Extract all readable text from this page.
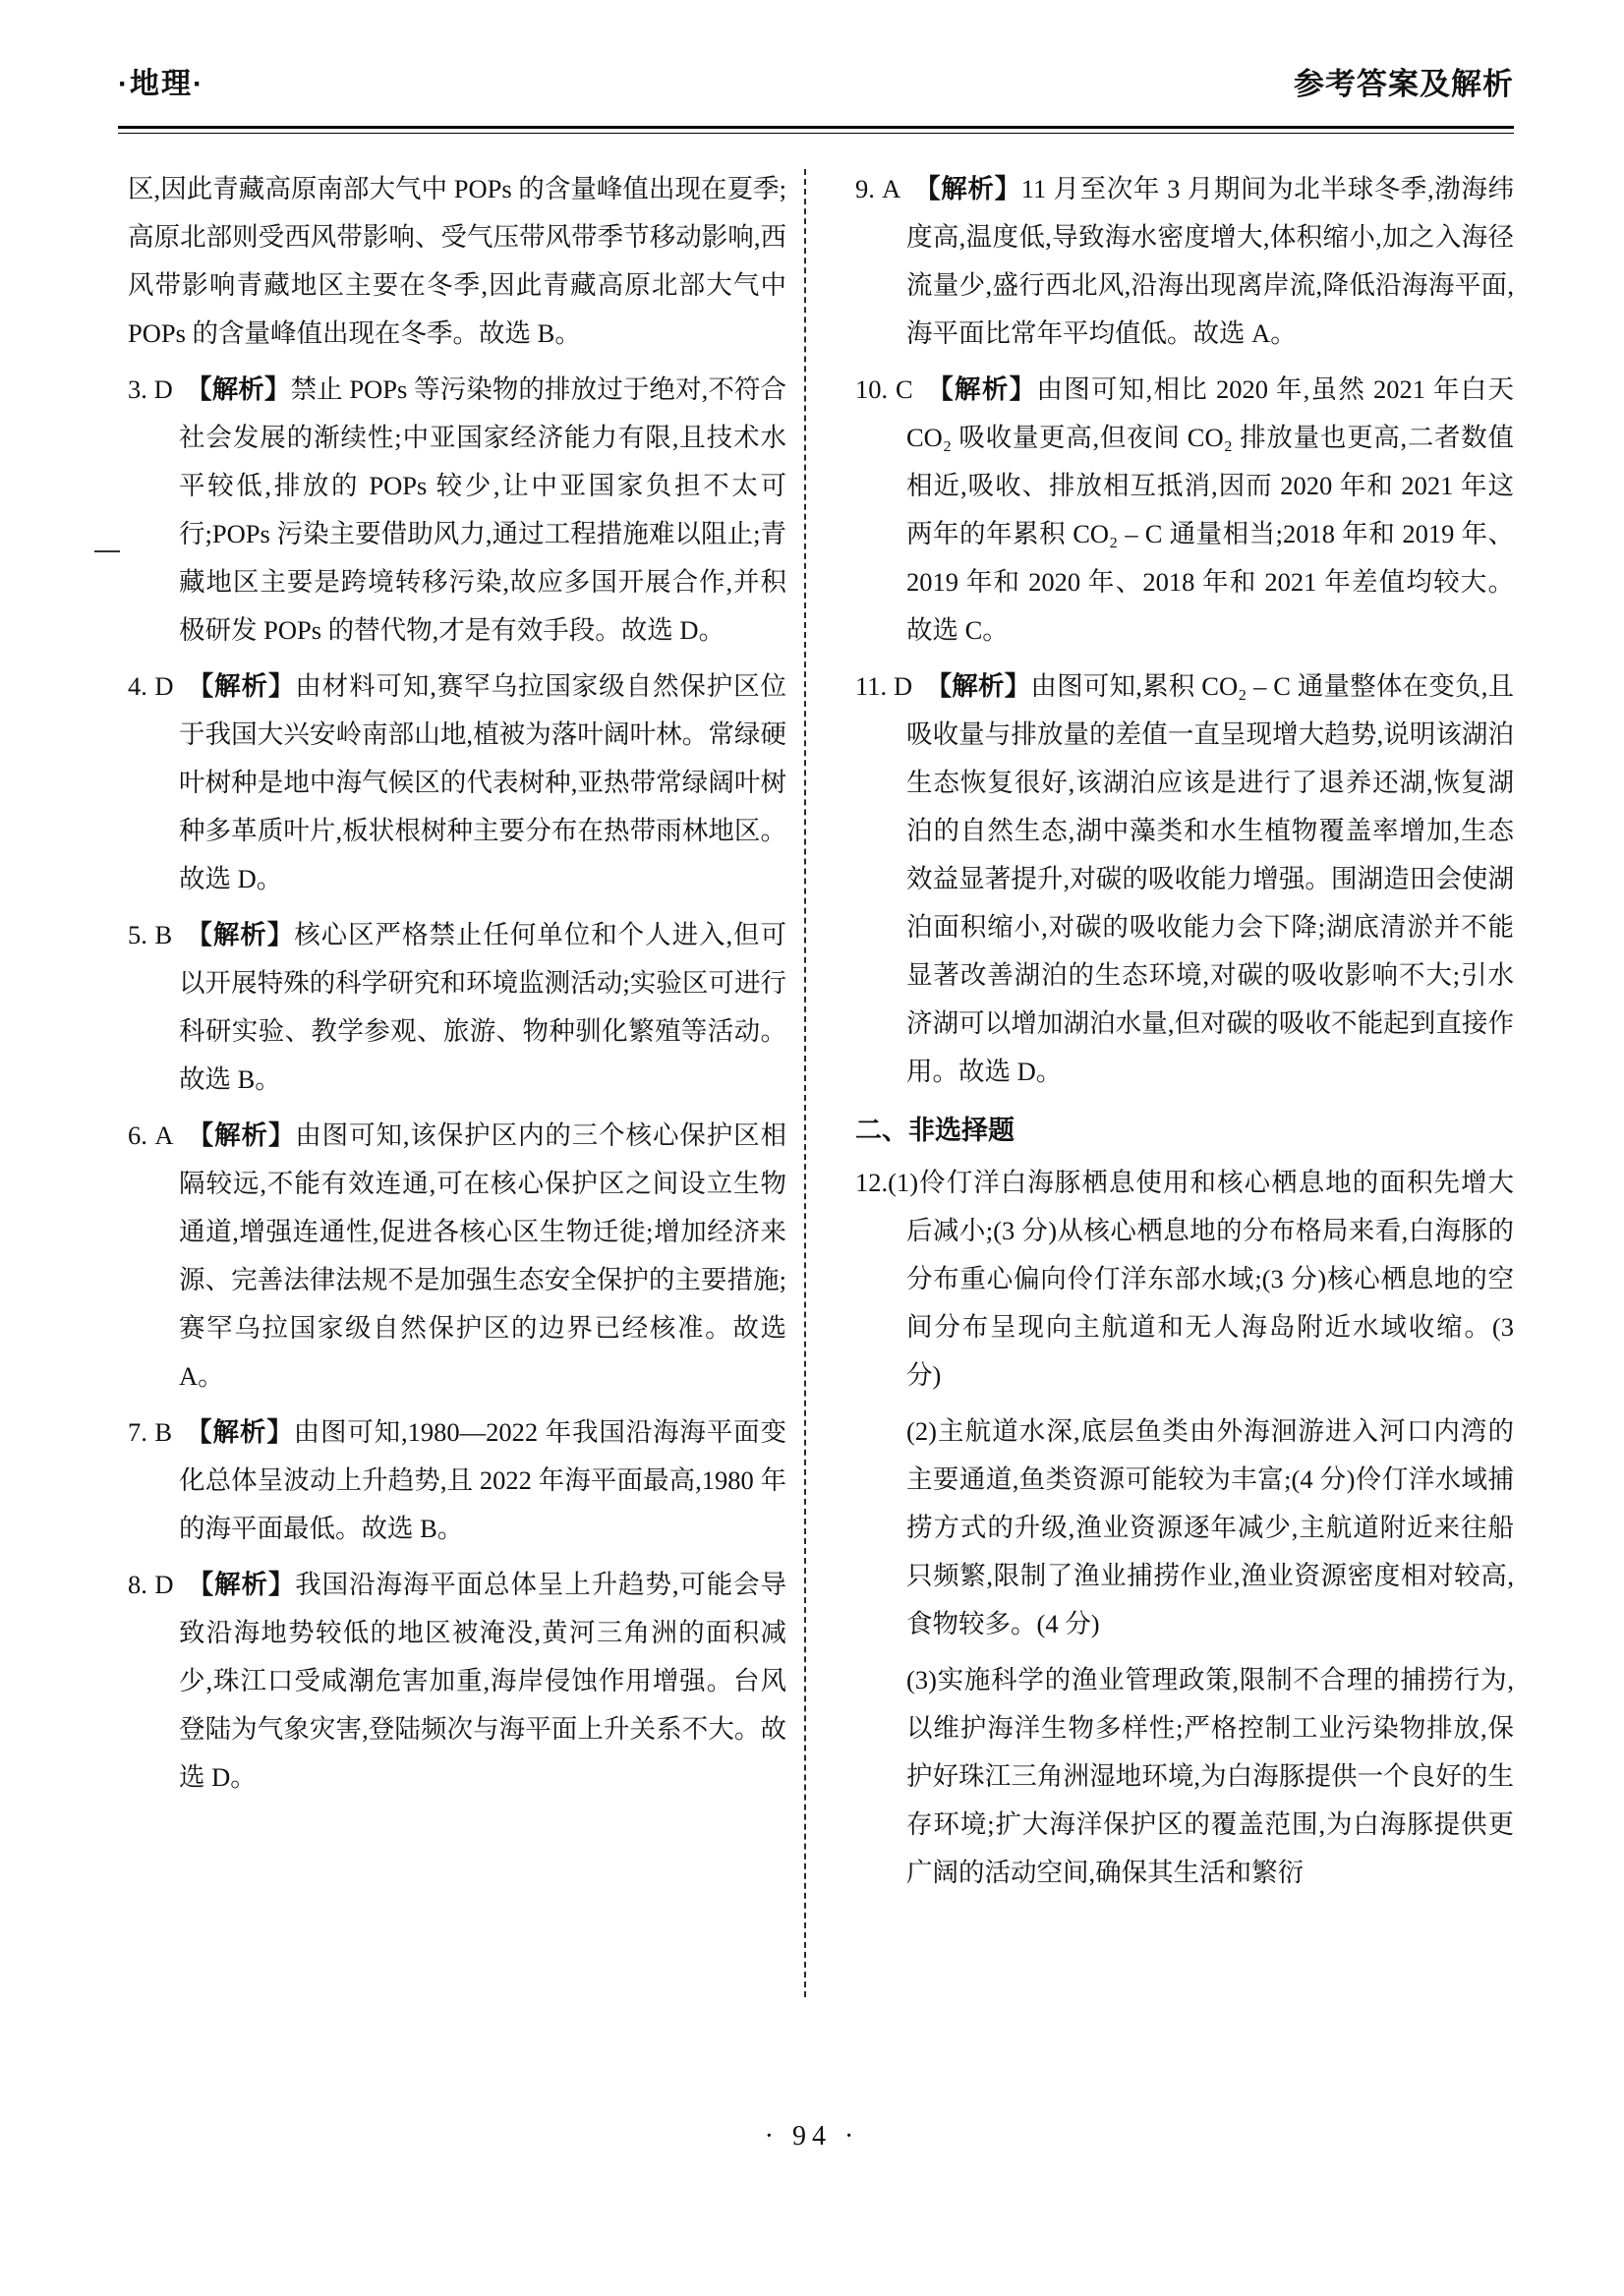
·地理·	参考答案及解析

区,因此青藏高原南部大气中 POPs 的含量峰值出现在夏季;高原北部则受西风带影响、受气压带风带季节移动影响,西风带影响青藏地区主要在冬季,因此青藏高原北部大气中 POPs 的含量峰值出现在冬季。故选 B。

3. D  【解析】禁止 POPs 等污染物的排放过于绝对,不符合社会发展的渐续性;中亚国家经济能力有限,且技术水平较低,排放的 POPs 较少,让中亚国家负担不太可行;POPs 污染主要借助风力,通过工程措施难以阻止;青藏地区主要是跨境转移污染,故应多国开展合作,并积极研发 POPs 的替代物,才是有效手段。故选 D。

4. D  【解析】由材料可知,赛罕乌拉国家级自然保护区位于我国大兴安岭南部山地,植被为落叶阔叶林。常绿硬叶树种是地中海气候区的代表树种,亚热带常绿阔叶树种多革质叶片,板状根树种主要分布在热带雨林地区。故选 D。

5. B  【解析】核心区严格禁止任何单位和个人进入,但可以开展特殊的科学研究和环境监测活动;实验区可进行科研实验、教学参观、旅游、物种驯化繁殖等活动。故选 B。

6. A  【解析】由图可知,该保护区内的三个核心保护区相隔较远,不能有效连通,可在核心保护区之间设立生物通道,增强连通性,促进各核心区生物迁徙;增加经济来源、完善法律法规不是加强生态安全保护的主要措施;赛罕乌拉国家级自然保护区的边界已经核准。故选 A。

7. B  【解析】由图可知,1980—2022 年我国沿海海平面变化总体呈波动上升趋势,且 2022 年海平面最高,1980 年的海平面最低。故选 B。

8. D  【解析】我国沿海海平面总体呈上升趋势,可能会导致沿海地势较低的地区被淹没,黄河三角洲的面积减少,珠江口受咸潮危害加重,海岸侵蚀作用增强。台风登陆为气象灾害,登陆频次与海平面上升关系不大。故选 D。

9. A  【解析】11 月至次年 3 月期间为北半球冬季,渤海纬度高,温度低,导致海水密度增大,体积缩小,加之入海径流量少,盛行西北风,沿海出现离岸流,降低沿海海平面,海平面比常年平均值低。故选 A。

10. C  【解析】由图可知,相比 2020 年,虽然 2021 年白天 CO₂ 吸收量更高,但夜间 CO₂ 排放量也更高,二者数值相近,吸收、排放相互抵消,因而 2020 年和 2021 年这两年的年累积 CO₂ – C 通量相当;2018 年和 2019 年、2019 年和 2020 年、2018 年和 2021 年差值均较大。故选 C。

11. D  【解析】由图可知,累积 CO₂ – C 通量整体在变负,且吸收量与排放量的差值一直呈现增大趋势,说明该湖泊生态恢复很好,该湖泊应该是进行了退养还湖,恢复湖泊的自然生态,湖中藻类和水生植物覆盖率增加,生态效益显著提升,对碳的吸收能力增强。围湖造田会使湖泊面积缩小,对碳的吸收能力会下降;湖底清淤并不能显著改善湖泊的生态环境,对碳的吸收影响不大;引水济湖可以增加湖泊水量,但对碳的吸收不能起到直接作用。故选 D。

二、非选择题

12.(1)伶仃洋白海豚栖息使用和核心栖息地的面积先增大后减小;(3 分)从核心栖息地的分布格局来看,白海豚的分布重心偏向伶仃洋东部水域;(3 分)核心栖息地的空间分布呈现向主航道和无人海岛附近水域收缩。(3 分)

(2)主航道水深,底层鱼类由外海洄游进入河口内湾的主要通道,鱼类资源可能较为丰富;(4 分)伶仃洋水域捕捞方式的升级,渔业资源逐年减少,主航道附近来往船只频繁,限制了渔业捕捞作业,渔业资源密度相对较高,食物较多。(4 分)

(3)实施科学的渔业管理政策,限制不合理的捕捞行为,以维护海洋生物多样性;严格控制工业污染物排放,保护好珠江三角洲湿地环境,为白海豚提供一个良好的生存环境;扩大海洋保护区的覆盖范围,为白海豚提供更广阔的活动空间,确保其生活和繁衍

· 94 ·
